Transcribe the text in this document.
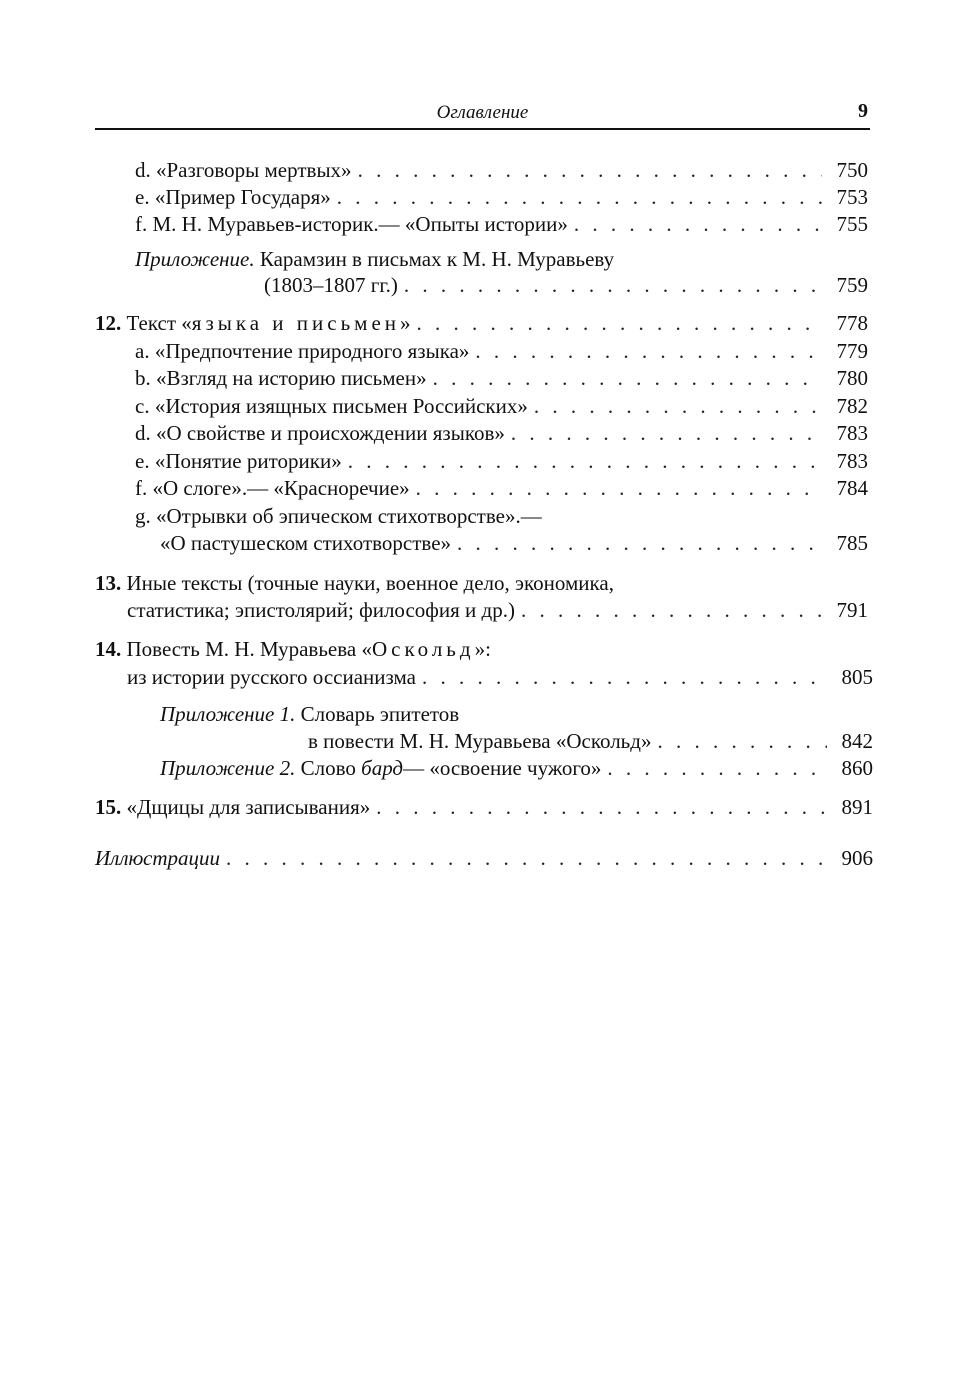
Оглавление	9
d. «Разговоры мертвых» . . .	750
e. «Пример Государя» . . .	753
f. М. Н. Муравьев-историк.— «Опыты истории» . . .	755
Приложение. Карамзин в письмах к М. Н. Муравьеву
(1803–1807 гг.) . . .	759
12. Текст «языка и письмен» . . .	778
a. «Предпочтение природного языка» . . .	779
b. «Взгляд на историю письмен» . . .	780
c. «История изящных письмен Российских» . . .	782
d. «О свойстве и происхождении языков» . . .	783
e. «Понятие риторики» . . .	783
f. «О слоге».— «Красноречие» . . .	784
g. «Отрывки об эпическом стихотворстве».—
«О пастушеском стихотворстве» . . .	785
13. Иные тексты (точные науки, военное дело, экономика,
статистика; эпистолярий; философия и др.) . . .	791
14. Повесть М. Н. Муравьева «Оскольд»:
из истории русского оссианизма . . .	805
Приложение 1. Словарь эпитетов
в повести М. Н. Муравьева «Оскольд» . . .	842
Приложение 2. Слово бард— «освоение чужого» . . .	860
15. «Дщицы для записывания» . . .	891
Иллюстрации . . .	906
